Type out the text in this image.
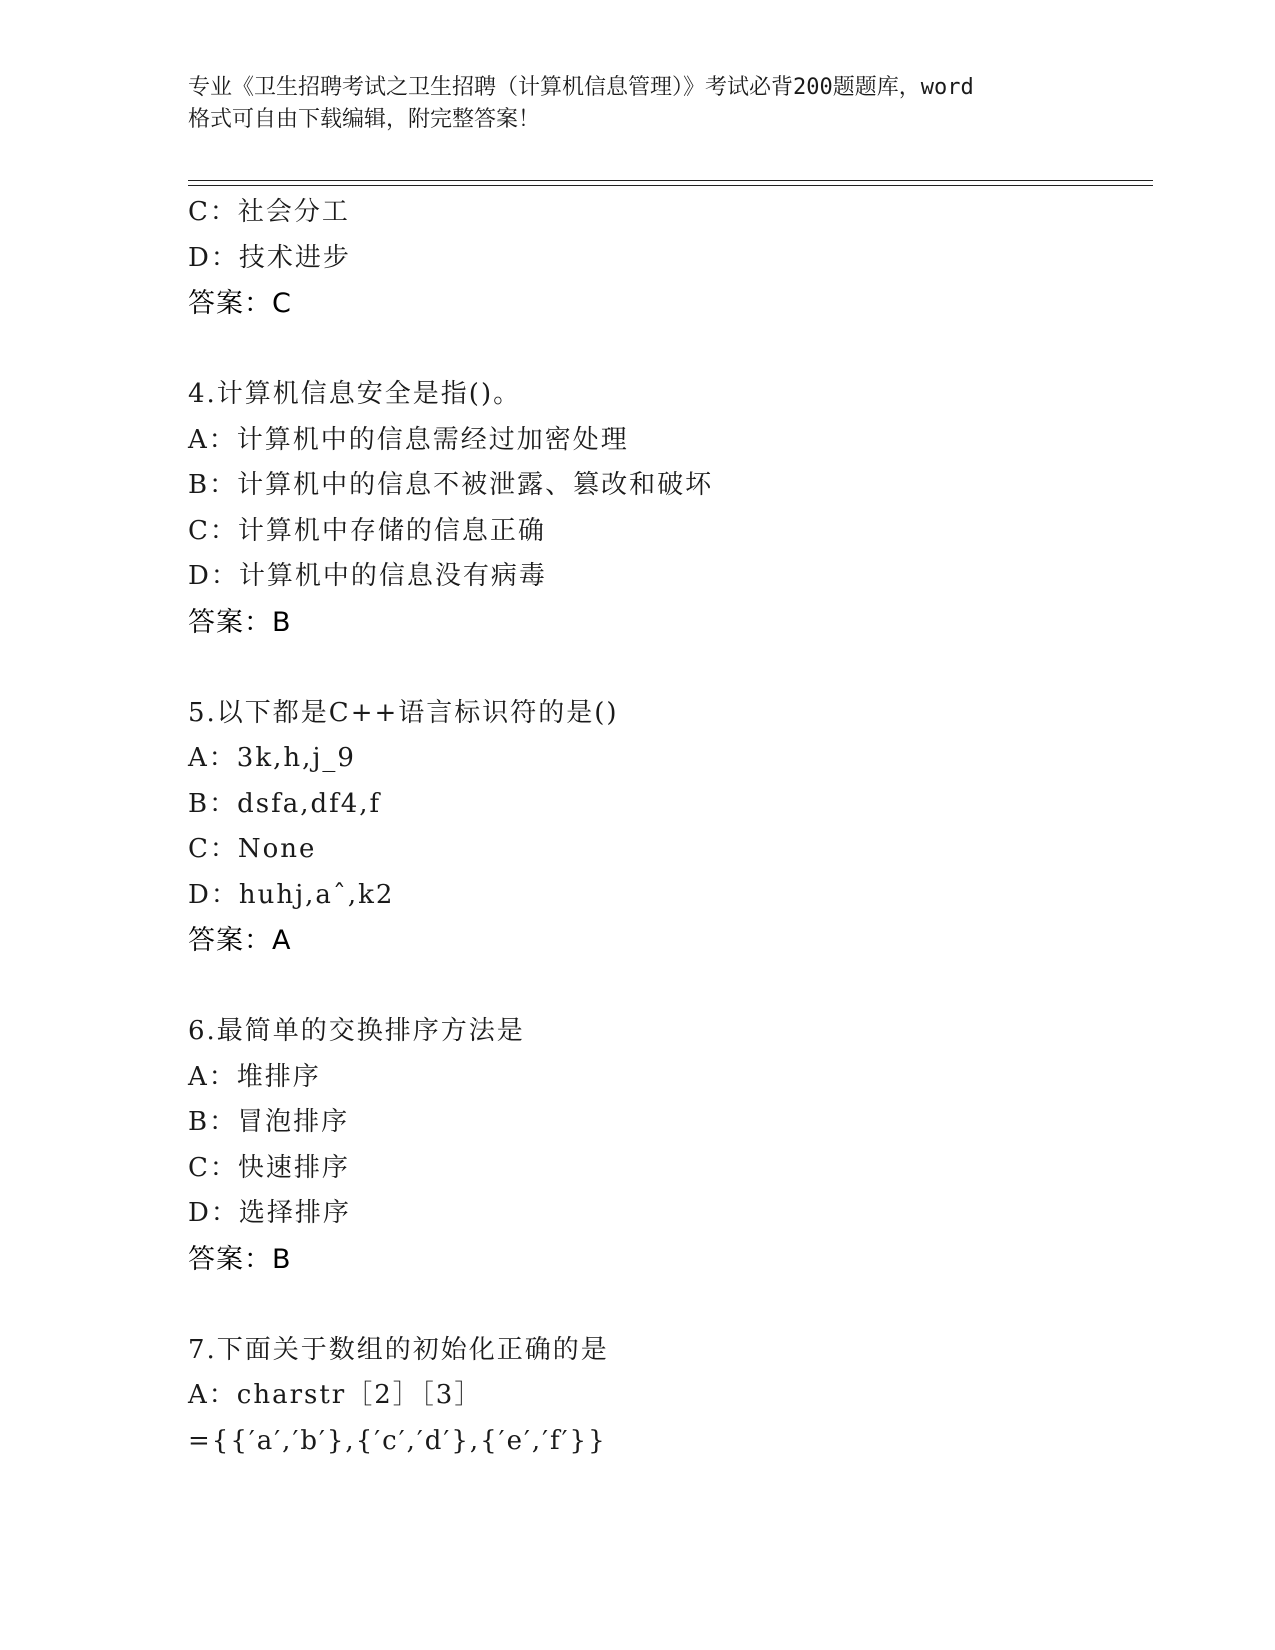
专业《卫生招聘考试之卫生招聘（计算机信息管理）》考试必背200题题库，word
格式可自由下载编辑，附完整答案！
C：社会分工
D：技术进步
答案：C
4.计算机信息安全是指()。
A：计算机中的信息需经过加密处理
B：计算机中的信息不被泄露、篡改和破坏
C：计算机中存储的信息正确
D：计算机中的信息没有病毒
答案：B
5.以下都是C++语言标识符的是()
A：3k,h,j_9
B：dsfa,df4,f
C：None
D：huhj,aˆ,k2
答案：A
6.最简单的交换排序方法是
A：堆排序
B：冒泡排序
C：快速排序
D：选择排序
答案：B
7.下面关于数组的初始化正确的是
A：charstr［2］［3］
={{′a′,′b′},{′c′,′d′},{′e′,′f′}}
